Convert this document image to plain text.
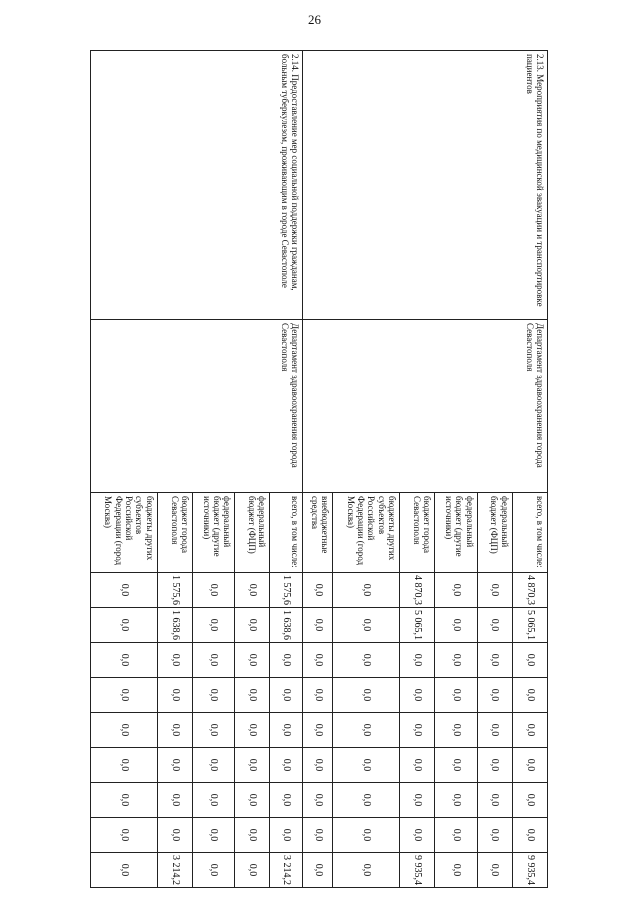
26
2.13. Мероприятия по медицинской эвакуации и транспортировке пациентов	Департамент здравоохранения города Севастополя	всего, в том числе:	4 870,3	5 065,1	0,0	0,0	0,0	0,0	0,0	0,0	9 935,4
		федеральный бюджет (ФЦП)	0,0	0,0	0,0	0,0	0,0	0,0	0,0	0,0	0,0
		федеральный бюджет (другие источники)	0,0	0,0	0,0	0,0	0,0	0,0	0,0	0,0	0,0
		бюджет города Севастополя	4 870,3	5 065,1	0,0	0,0	0,0	0,0	0,0	0,0	9 935,4
		бюджеты других субъектов Российской Федерации (город Москва)	0,0	0,0	0,0	0,0	0,0	0,0	0,0	0,0	0,0
		внебюджетные средства	0,0	0,0	0,0	0,0	0,0	0,0	0,0	0,0	0,0
2.14. Предоставление мер социальной поддержки гражданам, больным туберкулезом, проживающим в городе Севастополе	Департамент здравоохранения города Севастополя	всего, в том числе:	1 575,6	1 638,6	0,0	0,0	0,0	0,0	0,0	0,0	3 214,2
		федеральный бюджет (ФЦП)	0,0	0,0	0,0	0,0	0,0	0,0	0,0	0,0	0,0
		федеральный бюджет (другие источники)	0,0	0,0	0,0	0,0	0,0	0,0	0,0	0,0	0,0
		бюджет города Севастополя	1 575,6	1 638,6	0,0	0,0	0,0	0,0	0,0	0,0	3 214,2
		бюджеты других субъектов Российской Федерации (город Москва)	0,0	0,0	0,0	0,0	0,0	0,0	0,0	0,0	0,0
